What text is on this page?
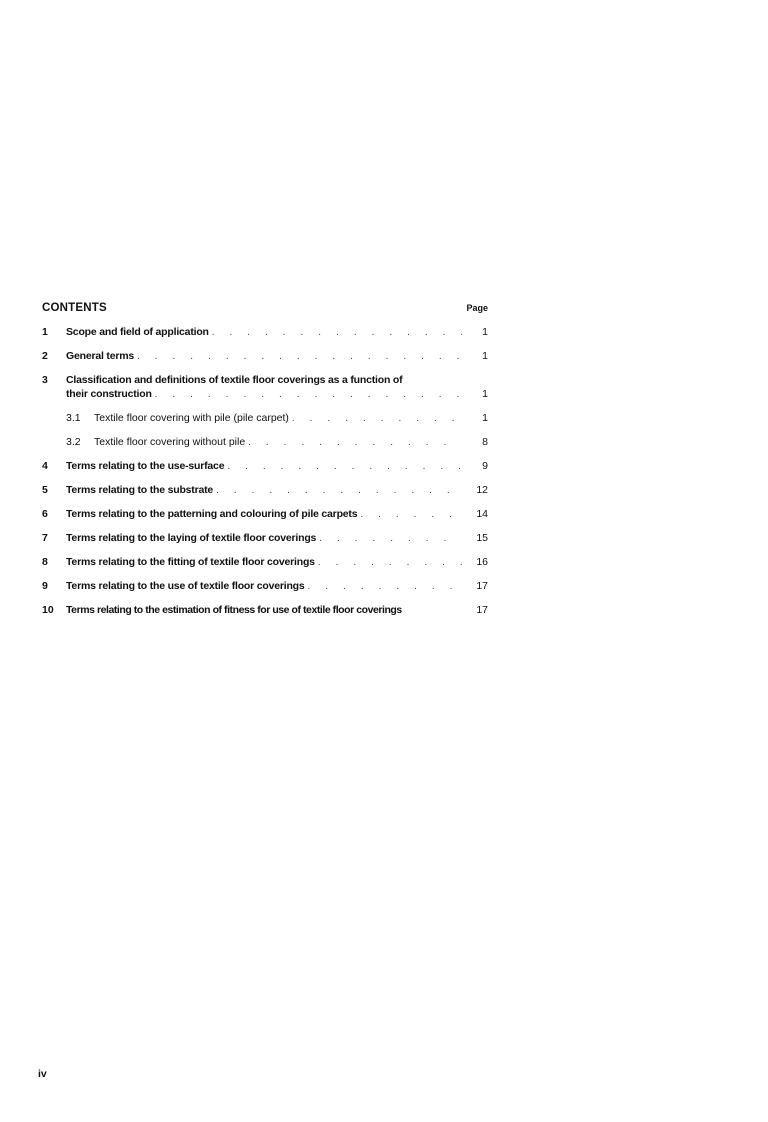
CONTENTS	Page
1	Scope and field of application . . .	1
2	General terms . . .	1
3	Classification and definitions of textile floor coverings as a function of
their construction . . .	1
3.1	Textile floor covering with pile (pile carpet) . . .	1
3.2	Textile floor covering without pile . . .	8
4	Terms relating to the use-surface . . .	9
5	Terms relating to the substrate . . .	12
6	Terms relating to the patterning and colouring of pile carpets . . .	14
7	Terms relating to the laying of textile floor coverings . . .	15
8	Terms relating to the fitting of textile floor coverings . . .	16
9	Terms relating to the use of textile floor coverings . . .	17
10	Terms relating to the estimation of fitness for use of textile floor coverings	17
iv
